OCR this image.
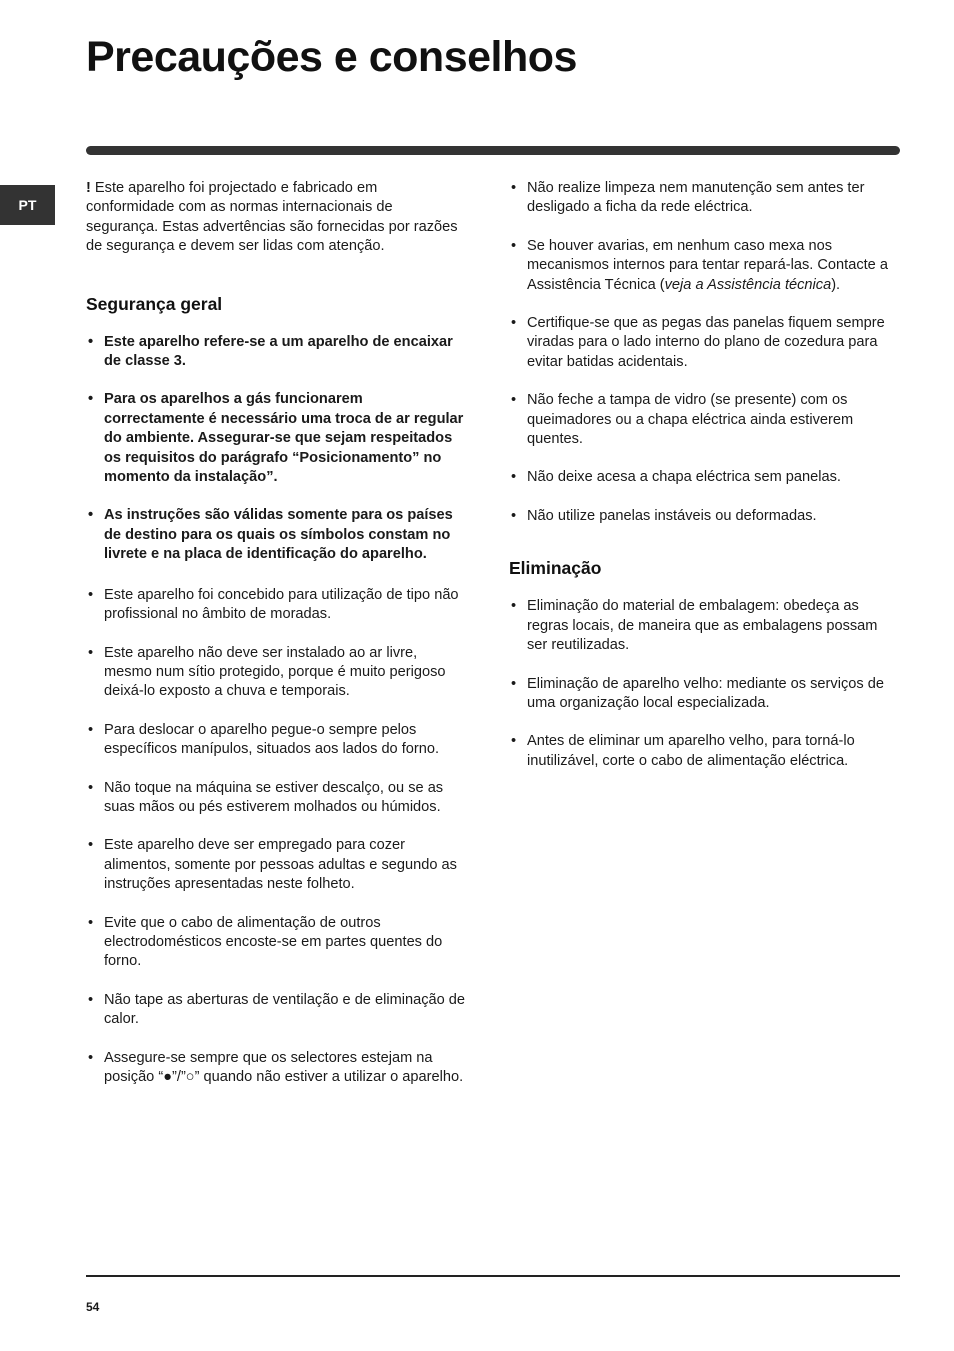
Precauções e conselhos
PT

! Este aparelho foi projectado e fabricado em conformidade com as normas internacionais de segurança. Estas advertências são fornecidas por razões de segurança e devem ser lidas com atenção.

Segurança geral
• Este aparelho refere-se a um aparelho de encaixar de classe 3.
• Para os aparelhos a gás funcionarem correctamente é necessário uma troca de ar regular do ambiente. Assegurar-se que sejam respeitados os requisitos do parágrafo “Posicionamento” no momento da instalação”.
• As instruções são válidas somente para os países de destino para os quais os símbolos constam no livrete e na placa de identificação do aparelho.
• Este aparelho foi concebido para utilização de tipo não profissional no âmbito de moradas.
• Este aparelho não deve ser instalado ao ar livre, mesmo num sítio protegido, porque é muito perigoso deixá-lo exposto a chuva e temporais.
• Para deslocar o aparelho pegue-o sempre pelos específicos manípulos, situados aos lados do forno.
• Não toque na máquina se estiver descalço, ou se as suas mãos ou pés estiverem molhados ou húmidos.
• Este aparelho deve ser empregado para cozer alimentos, somente por pessoas adultas e segundo as instruções apresentadas neste folheto.
• Evite que o cabo de alimentação de outros electrodomésticos encoste-se em partes quentes do forno.
• Não tape as aberturas de ventilação e de eliminação de calor.
• Assegure-se sempre que os selectores estejam na posição “●”/”○” quando não estiver a utilizar o aparelho.
• Não realize limpeza nem manutenção sem antes ter desligado a ficha da rede eléctrica.
• Se houver avarias, em nenhum caso mexa nos mecanismos internos para tentar repará-las. Contacte a Assistência Técnica (veja a Assistência técnica).
• Certifique-se que as pegas das panelas fiquem sempre viradas para o lado interno do plano de cozedura para evitar batidas acidentais.
• Não feche a tampa de vidro (se presente) com os queimadores ou a chapa eléctrica ainda estiverem quentes.
• Não deixe acesa a chapa eléctrica sem panelas.
• Não utilize panelas instáveis ou deformadas.
Eliminação
• Eliminação do material de embalagem: obedeça as regras locais, de maneira que as embalagens possam ser reutilizadas.
• Eliminação de aparelho velho: mediante os serviços de uma organização local especializada.
• Antes de eliminar um aparelho velho, para torná-lo inutilizável, corte o cabo de alimentação eléctrica.
54
